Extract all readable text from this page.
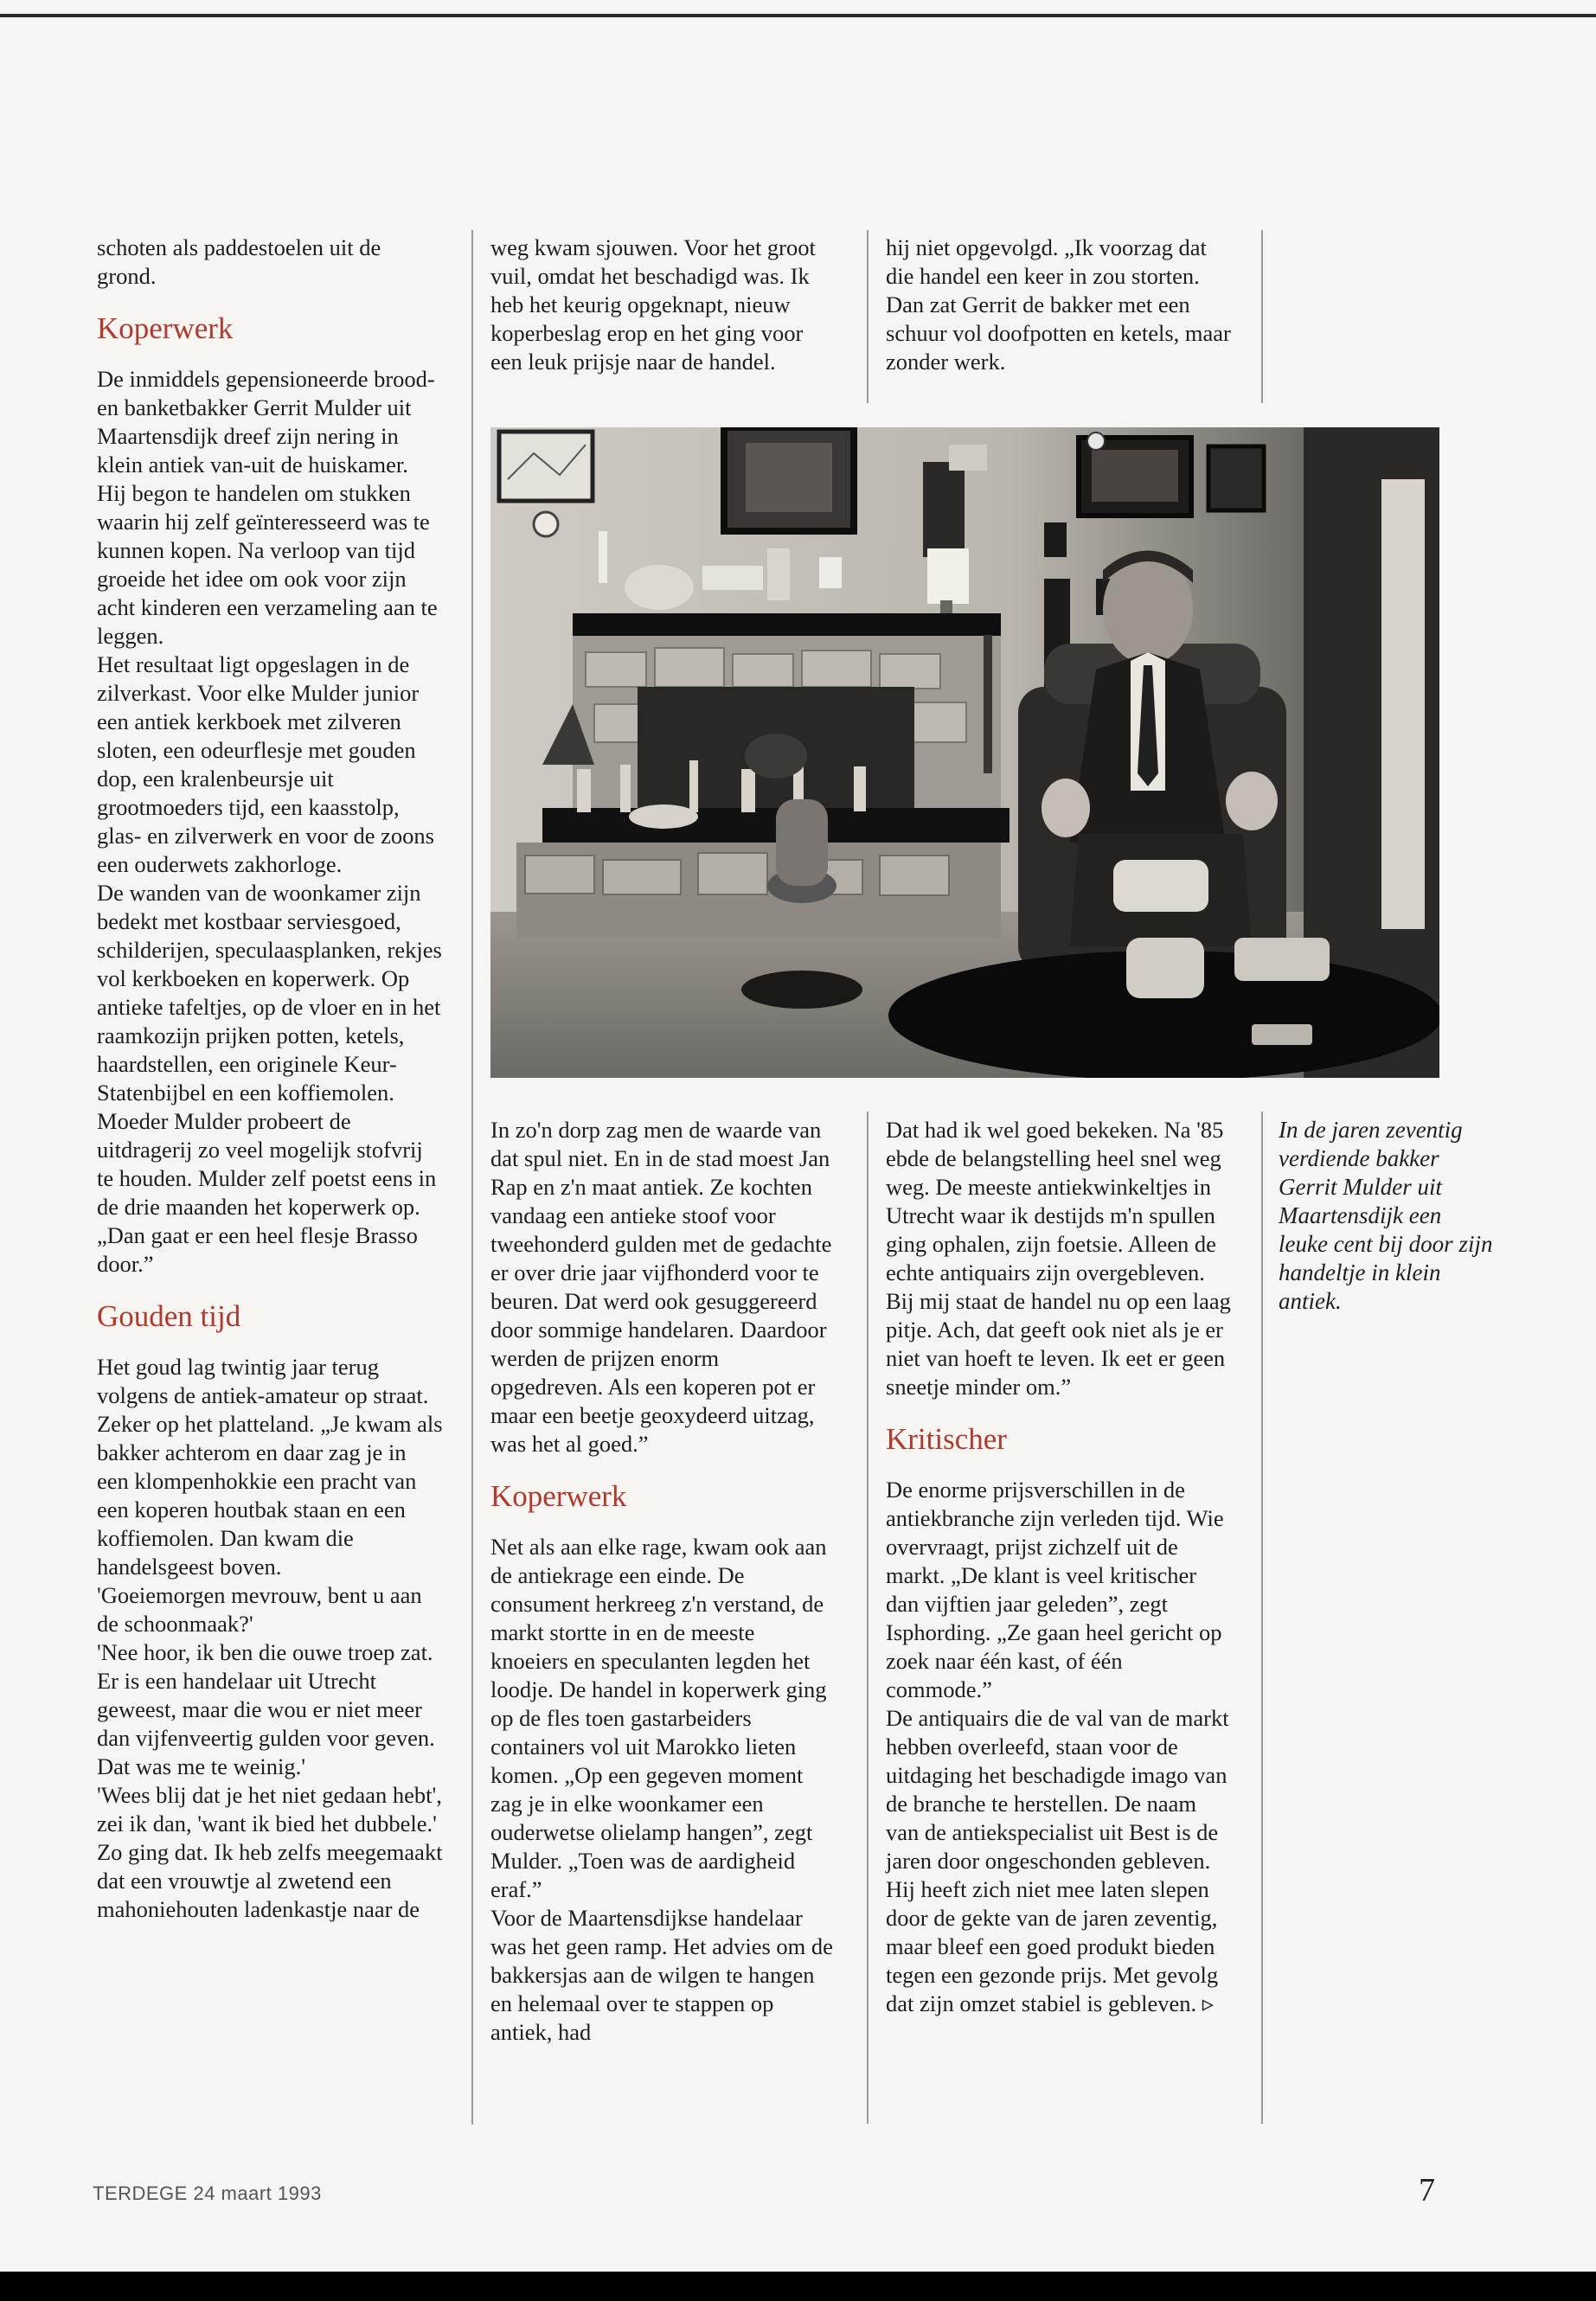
schoten als paddestoelen uit de grond.

Koperwerk

De inmiddels gepensioneerde brood- en banketbakker Gerrit Mulder uit Maartensdijk dreef zijn nering in klein antiek van-uit de huiskamer. Hij begon te handelen om stukken waarin hij zelf geïnteresseerd was te kunnen kopen. Na verloop van tijd groeide het idee om ook voor zijn acht kinderen een verzameling aan te leggen.

Het resultaat ligt opgeslagen in de zilverkast. Voor elke Mulder junior een antiek kerkboek met zilveren sloten, een odeurflesje met gouden dop, een kralenbeursje uit grootmoeders tijd, een kaasstolp, glas- en zilverwerk en voor de zoons een ouderwets zakhorloge.

De wanden van de woonkamer zijn bedekt met kostbaar serviesgoed, schilderijen, speculaasplanken, rekjes vol kerkboeken en koperwerk. Op antieke tafeltjes, op de vloer en in het raamkozijn prijken potten, ketels, haardstellen, een originele Keur-Statenbijbel en een koffiemolen. Moeder Mulder probeert de uitdragerij zo veel mogelijk stofvrij te houden. Mulder zelf poetst eens in de drie maanden het koperwerk op. „Dan gaat er een heel flesje Brasso door.”

Gouden tijd

Het goud lag twintig jaar terug volgens de antiek-amateur op straat. Zeker op het platteland. „Je kwam als bakker achterom en daar zag je in een klompenhokkie een pracht van een koperen houtbak staan en een koffiemolen. Dan kwam die handelsgeest boven.

'Goeiemorgen mevrouw, bent u aan de schoonmaak?'

'Nee hoor, ik ben die ouwe troep zat. Er is een handelaar uit Utrecht geweest, maar die wou er niet meer dan vijfenveertig gulden voor geven. Dat was me te weinig.'

'Wees blij dat je het niet gedaan hebt', zei ik dan, 'want ik bied het dubbele.' Zo ging dat. Ik heb zelfs meegemaakt dat een vrouwtje al zwetend een mahoniehouten ladenkastje naar de

weg kwam sjouwen. Voor het groot vuil, omdat het beschadigd was. Ik heb het keurig opgeknapt, nieuw koperbeslag erop en het ging voor een leuk prijsje naar de handel.

hij niet opgevolgd. „Ik voorzag dat die handel een keer in zou storten. Dan zat Gerrit de bakker met een schuur vol doofpotten en ketels, maar zonder werk.

In zo'n dorp zag men de waarde van dat spul niet. En in de stad moest Jan Rap en z'n maat antiek. Ze kochten vandaag een antieke stoof voor tweehonderd gulden met de gedachte er over drie jaar vijfhonderd voor te beuren. Dat werd ook gesuggereerd door sommige handelaren. Daardoor werden de prijzen enorm opgedreven. Als een koperen pot er maar een beetje geoxydeerd uitzag, was het al goed.”

Koperwerk

Net als aan elke rage, kwam ook aan de antiekrage een einde. De consument herkreeg z'n verstand, de markt stortte in en de meeste knoeiers en speculanten legden het loodje. De handel in koperwerk ging op de fles toen gastarbeiders containers vol uit Marokko lieten komen. „Op een gegeven moment zag je in elke woonkamer een ouderwetse olielamp hangen”, zegt Mulder. „Toen was de aardigheid eraf.”

Voor de Maartensdijkse handelaar was het geen ramp. Het advies om de bakkersjas aan de wilgen te hangen en helemaal over te stappen op antiek, had

Dat had ik wel goed bekeken. Na '85 ebde de belangstelling heel snel weg weg. De meeste antiekwinkeltjes in Utrecht waar ik destijds m'n spullen ging ophalen, zijn foetsie. Alleen de echte antiquairs zijn overgebleven. Bij mij staat de handel nu op een laag pitje. Ach, dat geeft ook niet als je er niet van hoeft te leven. Ik eet er geen sneetje minder om.”

Kritischer

De enorme prijsverschillen in de antiekbranche zijn verleden tijd. Wie overvraagt, prijst zichzelf uit de markt. „De klant is veel kritischer dan vijftien jaar geleden”, zegt Isphording. „Ze gaan heel gericht op zoek naar één kast, of één commode.”

De antiquairs die de val van de markt hebben overleefd, staan voor de uitdaging het beschadigde imago van de branche te herstellen. De naam van de antiekspecialist uit Best is de jaren door ongeschonden gebleven. Hij heeft zich niet mee laten slepen door de gekte van de jaren zeventig, maar bleef een goed produkt bieden tegen een gezonde prijs. Met gevolg dat zijn omzet stabiel is gebleven. ▹

In de jaren zeventig verdiende bakker Gerrit Mulder uit Maartensdijk een leuke cent bij door zijn handeltje in klein antiek.

TERDEGE 24 maart 1993	7
